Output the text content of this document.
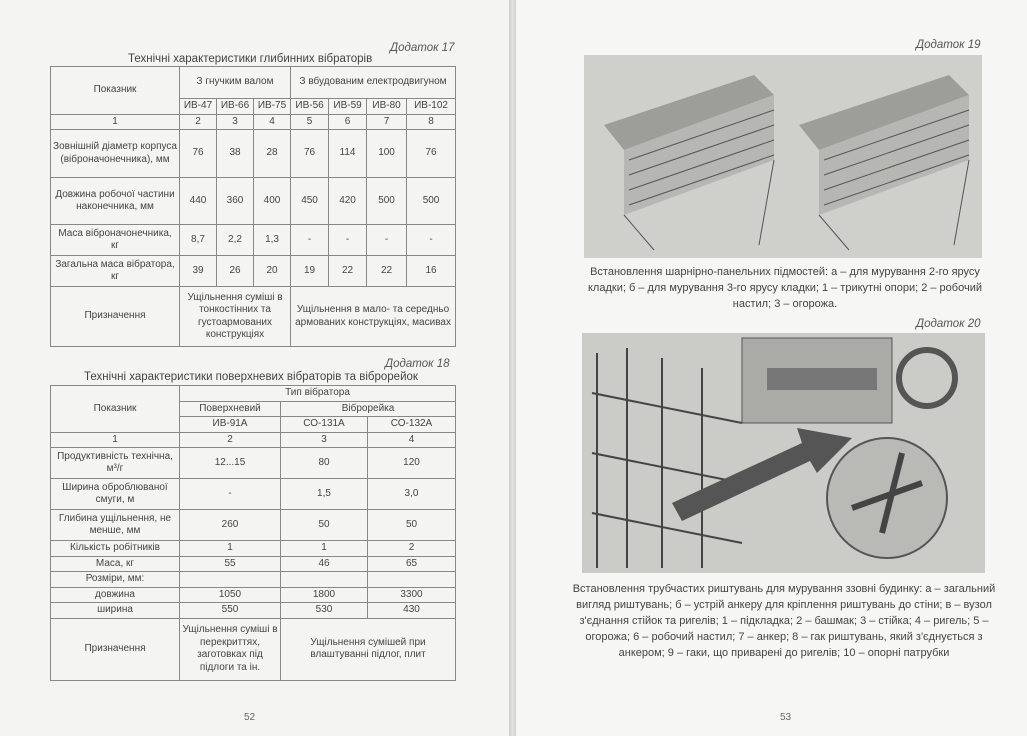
Додаток 17
Технічні характеристики глибинних вібраторів
Показник	З гнучким валом			З вбудованим електродвигуном			
	ИВ-47	ИВ-66	ИВ-75	ИВ-56	ИВ-59	ИВ-80	ИВ-102
1	2	3	4	5	6	7	8
Зовнішній діаметр корпуса (віброначонечника), мм	76	38	28	76	114	100	76
Довжина робочої частини наконечника, мм	440	360	400	450	420	500	500
Маса віброначонечника, кг	8,7	2,2	1,3	-	-	-	-
Загальна маса вібратора, кг	39	26	20	19	22	22	16
Призначення	Ущільнення суміші в тонкостінних та густоармованих конструкціях			Ущільнення в мало- та середньо армованих конструкціях, масивах			
Додаток 18
Технічні характеристики поверхневих вібраторів та віброрейок
Показник	Тип вібратора		
	Поверхневий	Віброрейка	
	ИВ-91А	СО-131А	СО-132А
1	2	3	4
Продуктивність технічна, м³/г	12...15	80	120
Ширина оброблюваної смуги, м	-	1,5	3,0
Глибина ущільнення, не менше, мм	260	50	50
Кількість робітників	1	1	2
Маса, кг	55	46	65
Розміри, мм:			
довжина	1050	1800	3300
ширина	550	530	430
Призначення	Ущільнення суміші в перекриттях, заготовках під підлоги та ін.	Ущільнення сумішей при влаштуванні підлог, плит	
52
Додаток 19
Встановлення шарнірно-панельних підмостей: а – для мурування 2-го ярусу кладки; б – для мурування 3-го ярусу кладки; 1 – трикутні опори; 2 – робочий настил; 3 – огорожа.
Додаток 20
Встановлення трубчастих риштувань для мурування ззовні будинку: а – загальний вигляд риштувань; б – устрій анкеру для кріплення риштувань до стіни; в – вузол з'єднання стійок та ригелів; 1 – підкладка; 2 – башмак; 3 – стійка; 4 – ригель; 5 – огорожа; 6 – робочий настил; 7 – анкер; 8 – гак риштувань, який з'єднується з анкером; 9 – гаки, що приварені до ригелів; 10 – опорні патрубки
53
